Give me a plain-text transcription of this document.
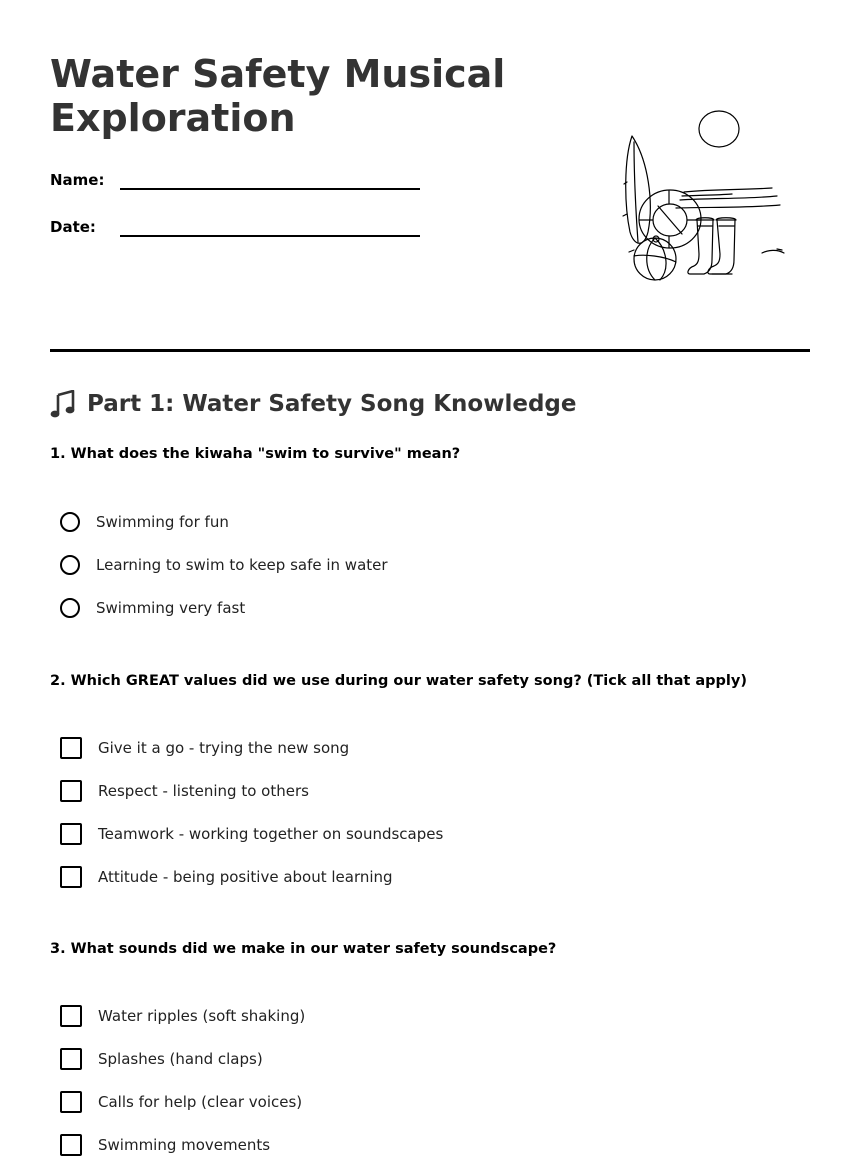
Water Safety Musical Exploration
Name:
Date:
Part 1: Water Safety Song Knowledge

1. What does the kiwaha "swim to survive" mean?

Swimming for fun
Learning to swim to keep safe in water
Swimming very fast

2. Which GREAT values did we use during our water safety song? (Tick all that apply)

Give it a go - trying the new song
Respect - listening to others
Teamwork - working together on soundscapes
Attitude - being positive about learning

3. What sounds did we make in our water safety soundscape?

Water ripples (soft shaking)
Splashes (hand claps)
Calls for help (clear voices)
Swimming movements
